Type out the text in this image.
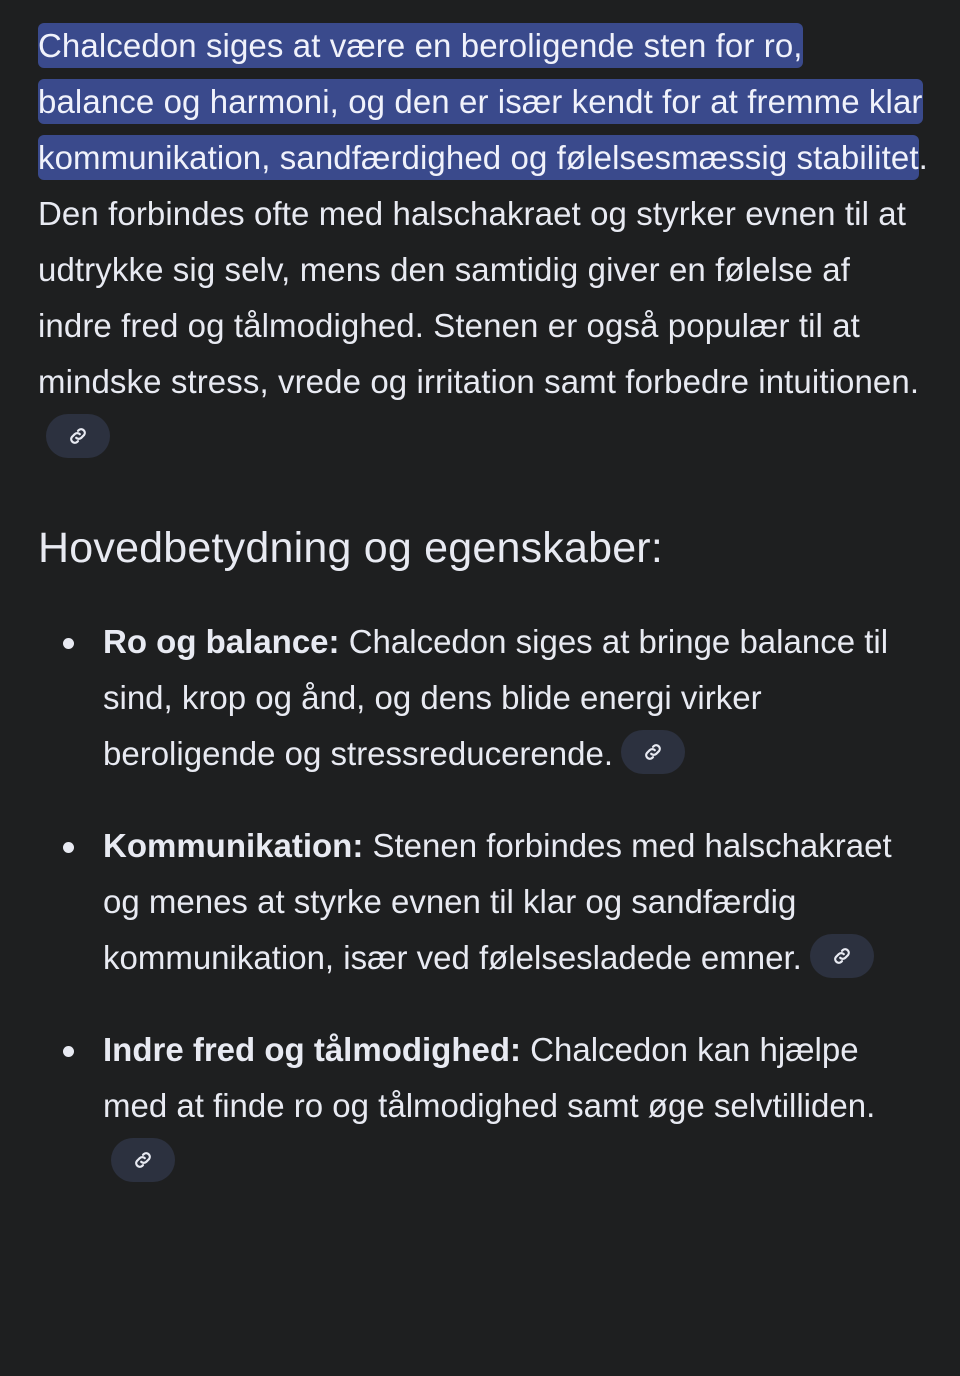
Chalcedon siges at være en beroligende sten for ro, balance og harmoni, og den er især kendt for at fremme klar kommunikation, sandfærdighed og følelsesmæssig stabilitet. Den forbindes ofte med halschakraet og styrker evnen til at udtrykke sig selv, mens den samtidig giver en følelse af indre fred og tålmodighed. Stenen er også populær til at mindske stress, vrede og irritation samt forbedre intuitionen.

Hovedbetydning og egenskaber:
Ro og balance: Chalcedon siges at bringe balance til sind, krop og ånd, og dens blide energi virker beroligende og stressreducerende.
Kommunikation: Stenen forbindes med halschakraet og menes at styrke evnen til klar og sandfærdig kommunikation, især ved følelsesladede emner.
Indre fred og tålmodighed: Chalcedon kan hjælpe med at finde ro og tålmodighed samt øge selvtilliden.
